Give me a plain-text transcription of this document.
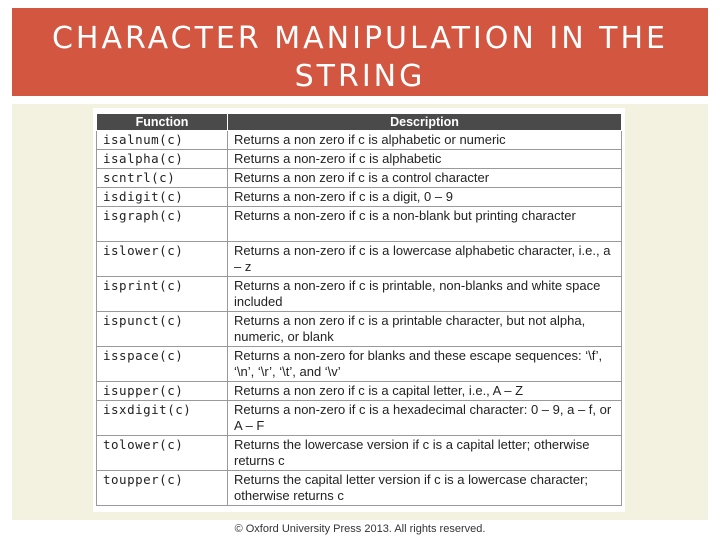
CHARACTER MANIPULATION IN THE STRING
Function	Description
isalnum(c)	Returns a non zero if c is alphabetic or numeric
isalpha(c)	Returns a non-zero if c is alphabetic
scntrl(c)	Returns a non zero if c is a control character
isdigit(c)	Returns a non-zero if c is a digit, 0 – 9
isgraph(c)	Returns a non-zero if c is a non-blank but printing character
islower(c)	Returns a non-zero if c is a lowercase alphabetic character, i.e., a – z
isprint(c)	Returns a non-zero if c is printable, non-blanks and white space included
ispunct(c)	Returns a non zero if c is a printable character, but not alpha, numeric, or blank
isspace(c)	Returns a non-zero for blanks and these escape sequences: ‘\f’, ‘\n’, ‘\r’, ‘\t’, and ‘\v’
isupper(c)	Returns a non zero if c is a capital letter, i.e., A – Z
isxdigit(c)	Returns a non-zero if c is a hexadecimal character: 0 – 9, a – f, or A – F
tolower(c)	Returns the lowercase version if c is a capital letter; otherwise returns c
toupper(c)	Returns the capital letter version if c is a lowercase character; otherwise returns c
© Oxford University Press 2013. All rights reserved.
